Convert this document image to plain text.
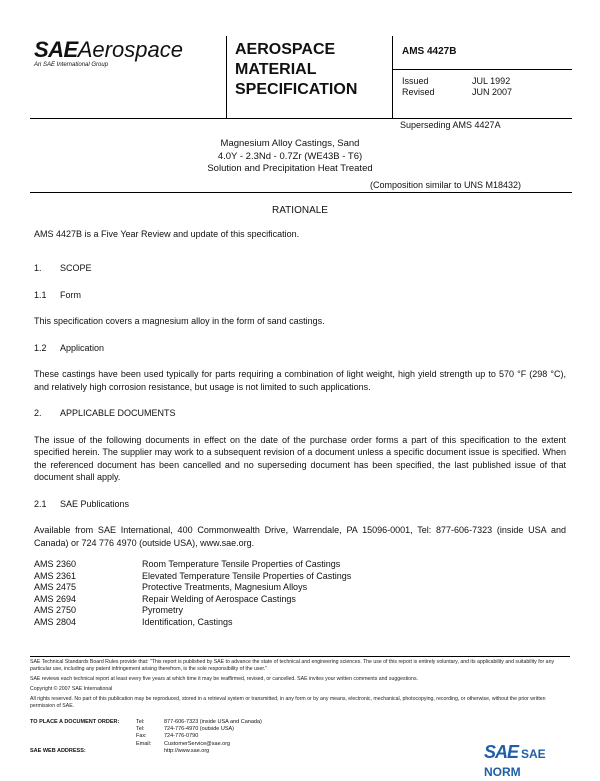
SAEAerospace
An SAE International Group
AEROSPACE
MATERIAL
SPECIFICATION
AMS 4427B
Issued	JUL 1992
Revised	JUN 2007
Superseding AMS 4427A
Magnesium Alloy Castings, Sand
4.0Y - 2.3Nd - 0.7Zr (WE43B - T6)
Solution and Precipitation Heat Treated
(Composition similar to UNS M18432)
RATIONALE

AMS 4427B is a Five Year Review and update of this specification.

1. SCOPE
1.1 Form

This specification covers a magnesium alloy in the form of sand castings.

1.2 Application

These castings have been used typically for parts requiring a combination of light weight, high yield strength up to 570 °F (298 °C), and relatively high corrosion resistance, but usage is not limited to such applications.

2. APPLICABLE DOCUMENTS

The issue of the following documents in effect on the date of the purchase order forms a part of this specification to the extent specified herein. The supplier may work to a subsequent revision of a document unless a specific document issue is specified. When the referenced document has been cancelled and no superseding document has been specified, the last published issue of that document shall apply.

2.1 SAE Publications

Available from SAE International, 400 Commonwealth Drive, Warrendale, PA 15096-0001, Tel: 877-606-7323 (inside USA and Canada) or 724 776 4970 (outside USA), www.sae.org.

AMS 2360	Room Temperature Tensile Properties of Castings
AMS 2361	Elevated Temperature Tensile Properties of Castings
AMS 2475	Protective Treatments, Magnesium Alloys
AMS 2694	Repair Welding of Aerospace Castings
AMS 2750	Pyrometry
AMS 2804	Identification, Castings

SAE Technical Standards Board Rules provide that: "This report is published by SAE to advance the state of technical and engineering sciences. The use of this report is entirely voluntary, and its applicability and suitability for any particular use, including any patent infringement arising therefrom, is the sole responsibility of the user."

SAE reviews each technical report at least every five years at which time it may be reaffirmed, revised, or cancelled. SAE invites your written comments and suggestions.

Copyright © 2007 SAE International

All rights reserved. No part of this publication may be reproduced, stored in a retrieval system or transmitted, in any form or by any means, electronic, mechanical, photocopying, recording, or otherwise, without the prior written permission of SAE.

TO PLACE A DOCUMENT ORDER:	Tel:	877-606-7323 (inside USA and Canada)
Tel:	724-776-4970 (outside USA)
Fax:	724-776-0790
Email:	CustomerService@sae.org
SAE WEB ADDRESS:	http://www.sae.org	SAE SAE NORM
